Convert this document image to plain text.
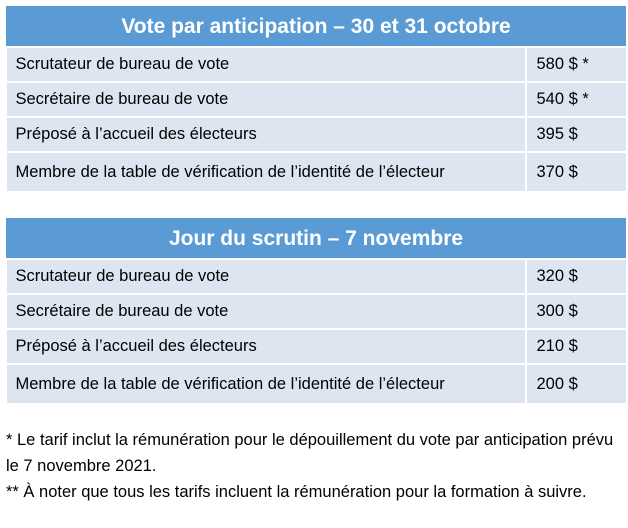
Vote par anticipation – 30 et 31 octobre	
Scrutateur de bureau de vote	580 $ *
Secrétaire de bureau de vote	540 $ *
Préposé à l’accueil des électeurs	395 $
Membre de la table de vérification de l’identité de l’électeur	370 $
Jour du scrutin – 7 novembre	
Scrutateur de bureau de vote	320 $
Secrétaire de bureau de vote	300 $
Préposé à l’accueil des électeurs	210 $
Membre de la table de vérification de l’identité de l’électeur	200 $

* Le tarif inclut la rémunération pour le dépouillement du vote par anticipation prévu le 7 novembre 2021.

** À noter que tous les tarifs incluent la rémunération pour la formation à suivre.
